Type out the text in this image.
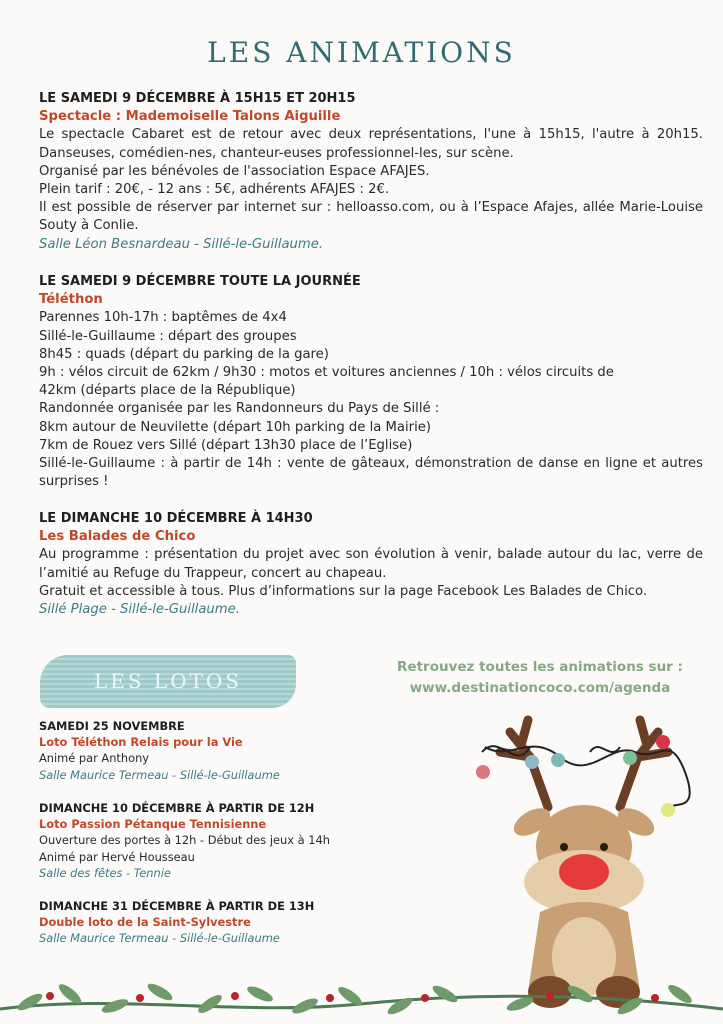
LES ANIMATIONS
LE SAMEDI 9 DÉCEMBRE À 15H15 ET 20H15
Spectacle : Mademoiselle Talons Aiguille
Le spectacle Cabaret est de retour avec deux représentations, l'une à 15h15, l'autre à 20h15. Danseuses, comédien-nes, chanteur-euses professionnel-les, sur scène.
Organisé par les bénévoles de l'association Espace AFAJES.
Plein tarif : 20€, - 12 ans : 5€, adhérents AFAJES : 2€.
Il est possible de réserver par internet sur : helloasso.com, ou à l’Espace Afajes, allée Marie-Louise Souty à Conlie.
Salle Léon Besnardeau - Sillé-le-Guillaume.
LE SAMEDI 9 DÉCEMBRE TOUTE LA JOURNÉE
Téléthon
Parennes 10h-17h : baptêmes de 4x4
Sillé-le-Guillaume : départ des groupes
8h45 : quads (départ du parking de la gare)
9h : vélos circuit de 62km / 9h30 : motos et voitures anciennes / 10h : vélos circuits de 42km (départs place de la République)
Randonnée organisée par les Randonneurs du Pays de Sillé :
8km autour de Neuvilette (départ 10h parking de la Mairie)
7km de Rouez vers Sillé (départ 13h30 place de l’Eglise)
Sillé-le-Guillaume : à partir de 14h : vente de gâteaux, démonstration de danse en ligne et autres surprises !
LE DIMANCHE 10 DÉCEMBRE À 14H30
Les Balades de Chico
Au programme : présentation du projet avec son évolution à venir, balade autour du lac, verre de l’amitié au Refuge du Trappeur, concert au chapeau.
Gratuit et accessible à tous. Plus d’informations sur la page Facebook Les Balades de Chico.
Sillé Plage - Sillé-le-Guillaume.
LES LOTOS
Retrouvez toutes les animations sur :
www.destinationcoco.com/agenda
SAMEDI 25 NOVEMBRE
Loto Téléthon Relais pour la Vie
Animé par Anthony
Salle Maurice Termeau - Sillé-le-Guillaume
DIMANCHE 10 DÉCEMBRE À PARTIR DE 12H
Loto Passion Pétanque Tennisienne
Ouverture des portes à 12h - Début des jeux à 14h
Animé par Hervé Housseau
Salle des fêtes - Tennie
DIMANCHE 31 DÉCEMBRE À PARTIR DE 13H
Double loto de la Saint-Sylvestre
Salle Maurice Termeau - Sillé-le-Guillaume
